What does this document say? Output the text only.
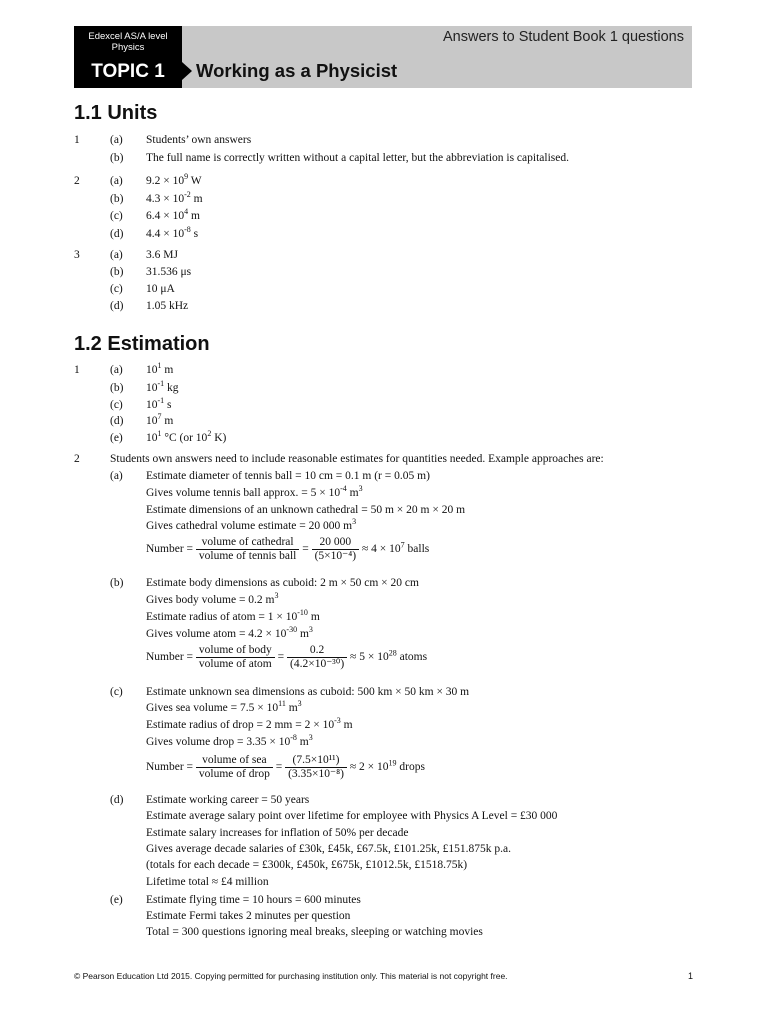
Edexcel AS/A level
Physics
TOPIC 1
Answers to Student Book 1 questions
Working as a Physicist
1.1 Units
1	(a) Students’ own answers
(b) The full name is correctly written without a capital letter, but the abbreviation is capitalised.
2	(a) $9.2 \times 10^9$ W
(b) $4.3 \times 10^{-2}$ m
(c) $6.4 \times 10^4$ m
(d) $4.4 \times 10^{-8}$ s
3	(a) 3.6 MJ
(b) 31.536 μs
(c) 10 μA
(d) 1.05 kHz
1.2 Estimation
1	(a) $10^1$ m
(b) $10^{-1}$ kg
(c) $10^{-1}$ s
(d) $10^7$ m
(e) $10^1$ °C (or $10^2$ K)
2	Students own answers need to include reasonable estimates for quantities needed. Example approaches are:
(a) Estimate diameter of tennis ball = 10 cm = 0.1 m (r = 0.05 m)
Gives volume tennis ball approx. = $5 \times 10^{-4}$ $m^3$
Estimate dimensions of an unknown cathedral = 50 m × 20 m × 20 m
Gives cathedral volume estimate = 20 000 $m^3$
Number = $\frac{\text{volume of cathedral}}{\text{volume of tennis ball}} = \frac{20 000}{\text{(5×10⁻⁴)}} \approx 4 \times 10^7$ balls
(b) Estimate body dimensions as cuboid: 2 m × 50 cm × 20 cm
Gives body volume = 0.2 $m^3$
Estimate radius of atom = $1 \times 10^{-10}$ m
Gives volume atom = $4.2 \times 10^{-30}$ $m^3$
Number = $\frac{\text{volume of body}}{\text{volume of atom}} = \frac{0.2}{\text{(4.2×10⁻³⁰)}} \approx 5 \times 10^{28}$ atoms
(c) Estimate unknown sea dimensions as cuboid: 500 km × 50 km × 30 m
Gives sea volume = $7.5 \times 10^{11}$ $m^3$
Estimate radius of drop = 2 mm = $2 \times 10^{-3}$ m
Gives volume drop = $3.35 \times 10^{-8}$ $m^3$
Number = $\frac{\text{volume of sea}}{\text{volume of drop}} = \frac{\text{(7.5×10¹¹)}}{\text{(3.35×10⁻⁸)}} \approx 2 \times 10^{19}$ drops
(d) Estimate working career = 50 years
Estimate average salary point over lifetime for employee with Physics A Level = £30 000
Estimate salary increases for inflation of 50% per decade
Gives average decade salaries of £30k, £45k, £67.5k, £101.25k, £151.875k p.a.
(totals for each decade = £300k, £450k, £675k, £1012.5k, £1518.75k)
Lifetime total ≈ £4 million
(e) Estimate flying time = 10 hours = 600 minutes
Estimate Fermi takes 2 minutes per question
Total = 300 questions ignoring meal breaks, sleeping or watching movies
© Pearson Education Ltd 2015. Copying permitted for purchasing institution only. This material is not copyright free.	1
